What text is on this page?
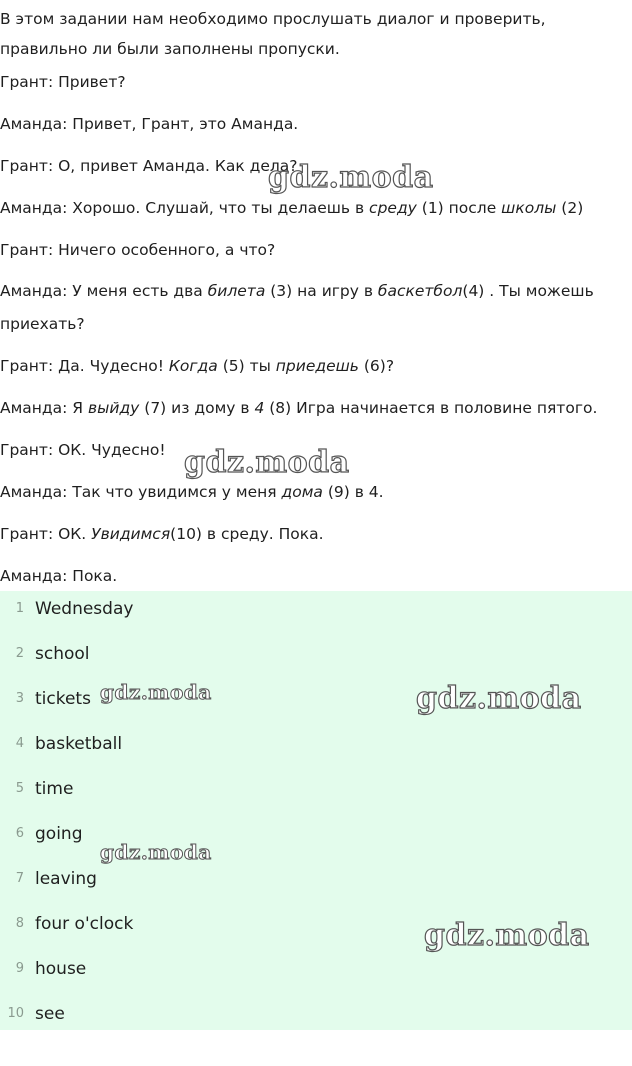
В этом задании нам необходимо прослушать диалог и проверить, правильно ли были заполнены пропуски.
Грант: Привет?
Аманда: Привет, Грант, это Аманда.
Грант: О, привет Аманда. Как дела?
Аманда: Хорошо. Слушай, что ты делаешь в среду (1) после школы (2)
Грант: Ничего особенного, а что?
Аманда: У меня есть два билета (3) на игру в баскетбол(4) . Ты можешь приехать?
Грант: Да. Чудесно! Когда (5) ты приедешь (6)?
Аманда: Я выйду (7) из дому в 4 (8) Игра начинается в половине пятого.
Грант: ОК. Чудесно!
Аманда: Так что увидимся у меня дома (9) в 4.
Грант: ОК. Увидимся(10) в среду. Пока.
Аманда: Пока.
1 Wednesday
2 school
3 tickets
4 basketball
5 time
6 going
7 leaving
8 four o'clock
9 house
10 see
gdz.moda
gdz.moda
gdz.moda	gdz.moda
gdz.moda
gdz.moda
